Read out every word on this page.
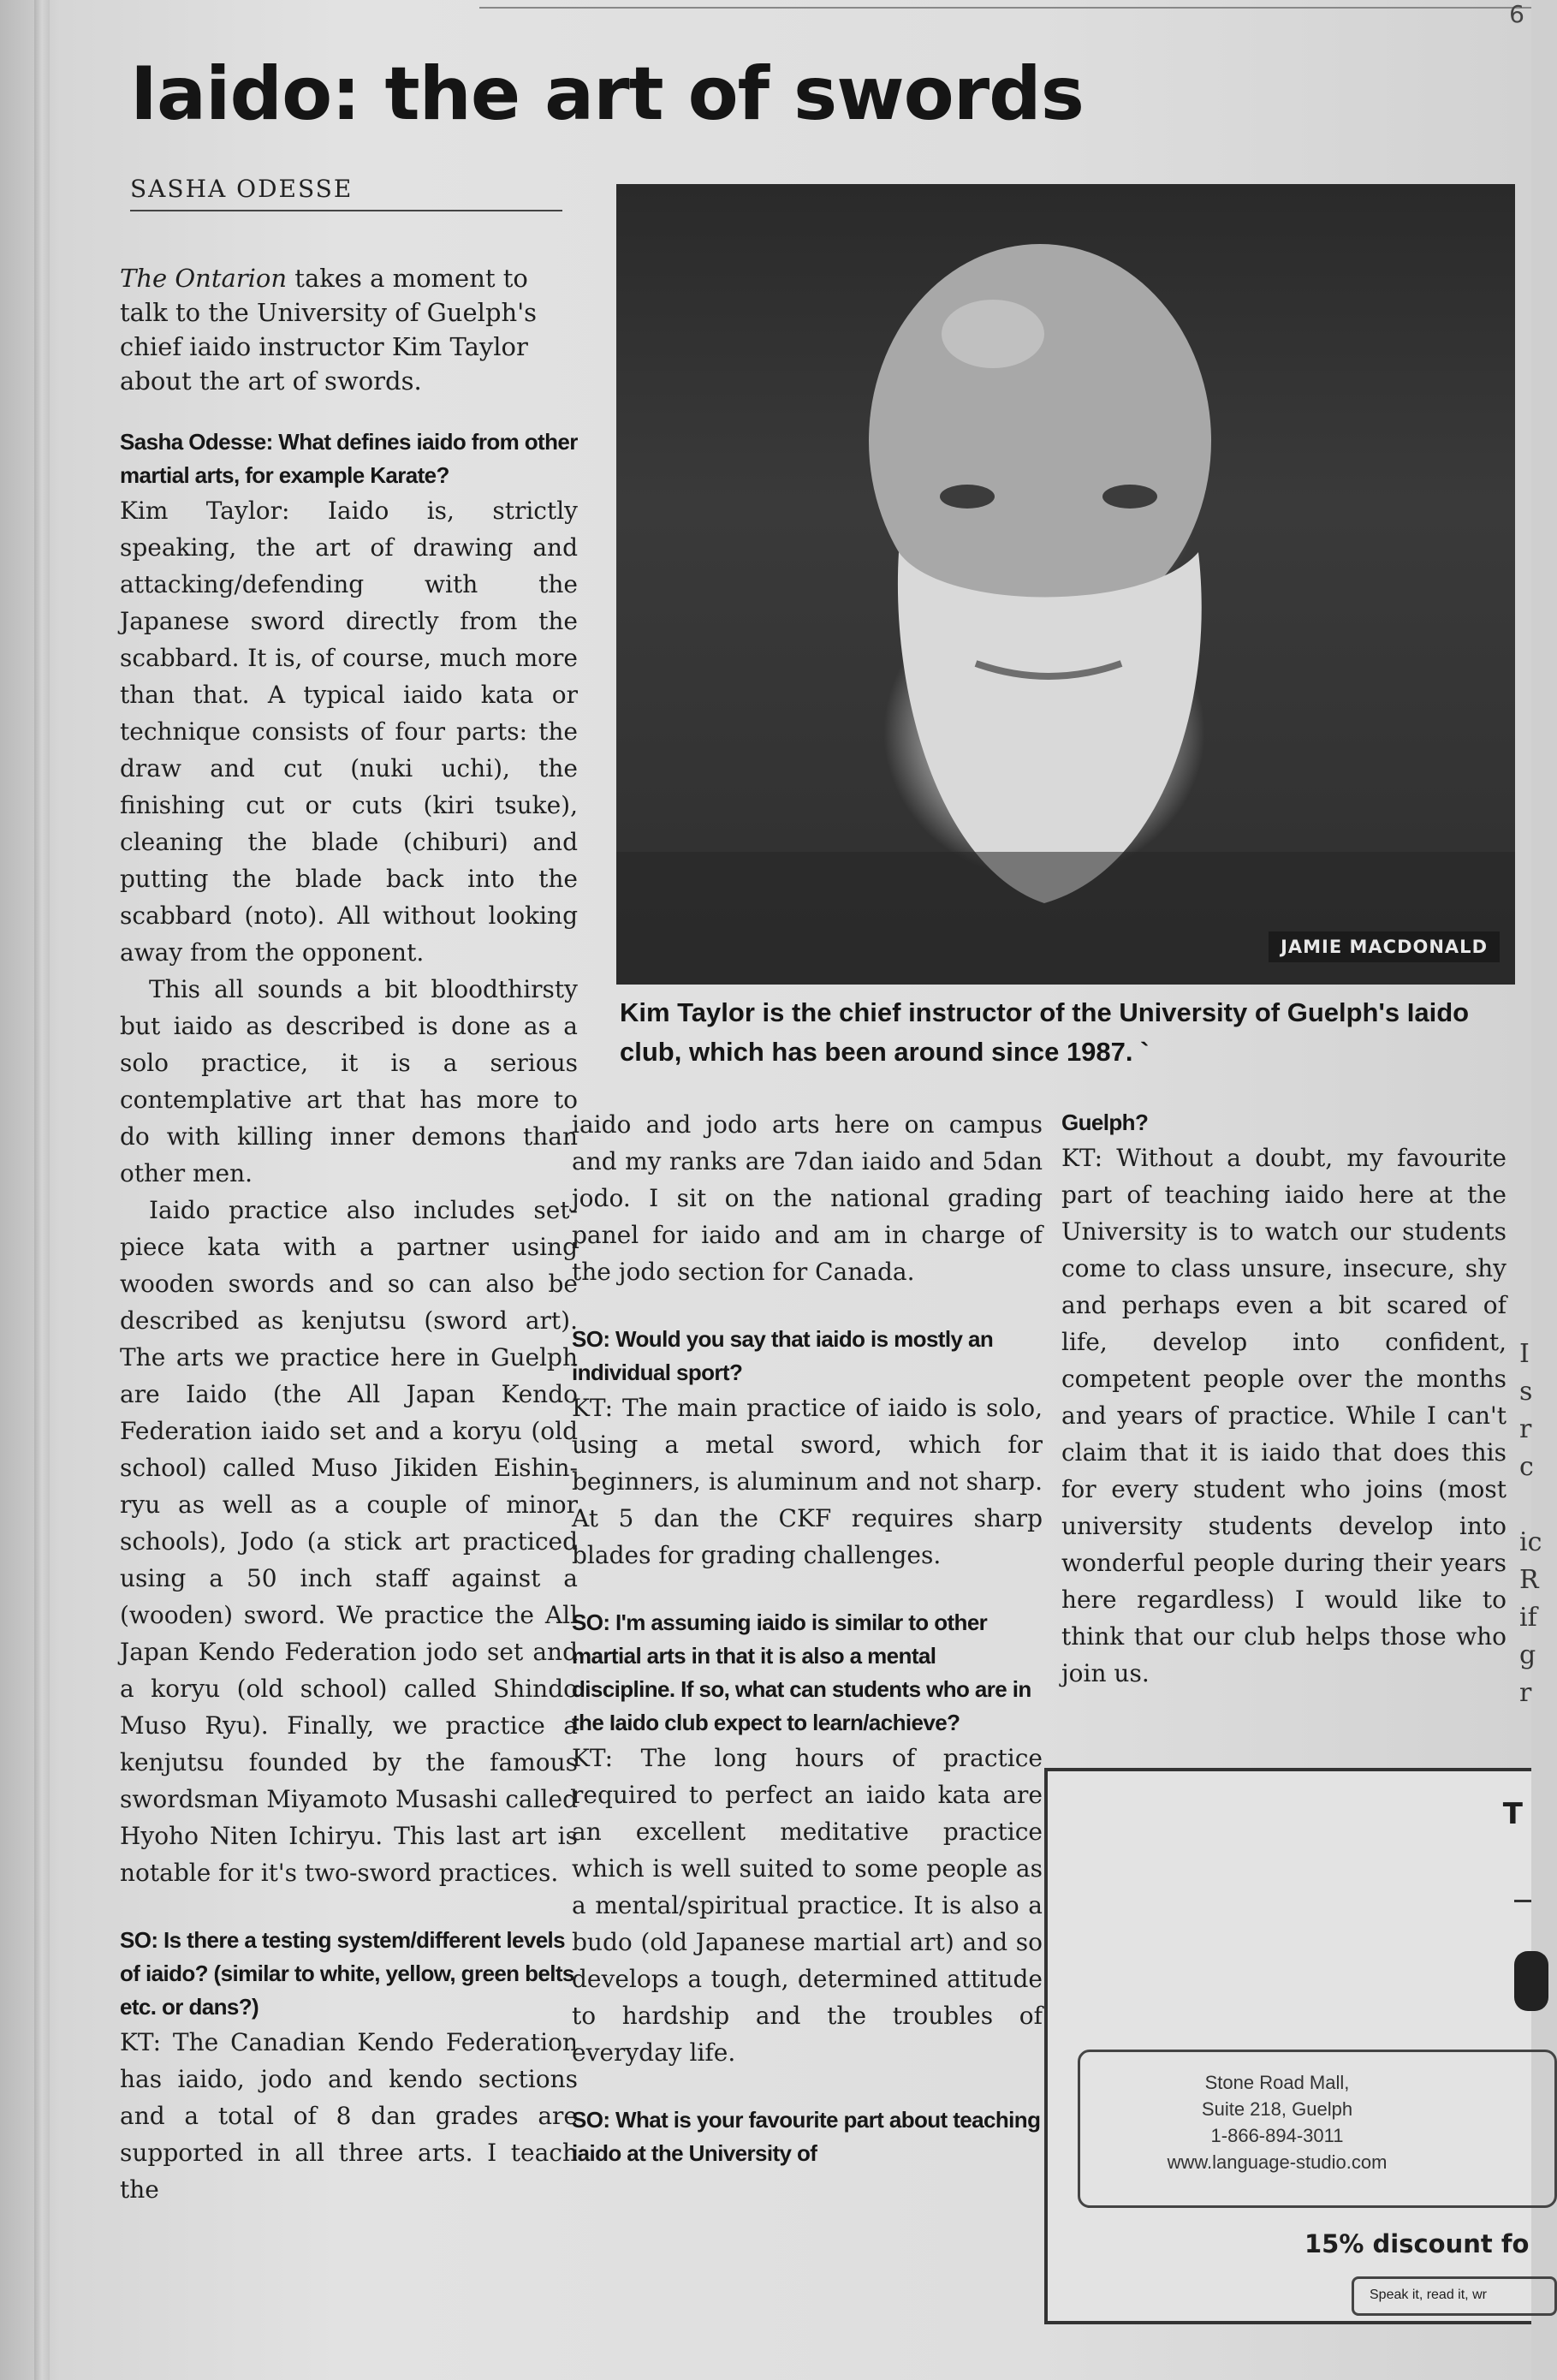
6
Iaido: the art of swords
SASHA ODESSE

The Ontarion takes a moment to talk to the University of Guelph's chief iaido instructor Kim Taylor about the art of swords.

Sasha Odesse: What defines iaido from other martial arts, for example Karate?

Kim Taylor: Iaido is, strictly speaking, the art of drawing and attacking/defending with the Japanese sword directly from the scabbard. It is, of course, much more than that. A typical iaido kata or technique consists of four parts: the draw and cut (nuki uchi), the finishing cut or cuts (kiri tsuke), cleaning the blade (chiburi) and putting the blade back into the scabbard (noto). All without looking away from the opponent.

This all sounds a bit bloodthirsty but iaido as described is done as a solo practice, it is a serious contemplative art that has more to do with killing inner demons than other men.

Iaido practice also includes set-piece kata with a partner using wooden swords and so can also be described as kenjutsu (sword art). The arts we practice here in Guelph are Iaido (the All Japan Kendo Federation iaido set and a koryu (old school) called Muso Jikiden Eishin-ryu as well as a couple of minor schools), Jodo (a stick art practiced using a 50 inch staff against a (wooden) sword. We practice the All Japan Kendo Federation jodo set and a koryu (old school) called Shindo Muso Ryu). Finally, we practice a kenjutsu founded by the famous swordsman Miyamoto Musashi called Hyoho Niten Ichiryu. This last art is notable for it's two-sword practices.

SO: Is there a testing system/different levels of iaido? (similar to white, yellow, green belts etc. or dans?)

KT: The Canadian Kendo Federation has iaido, jodo and kendo sections and a total of 8 dan grades are supported in all three arts. I teach the

JAMIE MACDONALD

Kim Taylor is the chief instructor of the University of Guelph's Iaido club, which has been around since 1987. `

iaido and jodo arts here on campus and my ranks are 7dan iaido and 5dan jodo. I sit on the national grading panel for iaido and am in charge of the jodo section for Canada.

SO: Would you say that iaido is mostly an individual sport?

KT: The main practice of iaido is solo, using a metal sword, which for beginners, is aluminum and not sharp. At 5 dan the CKF requires sharp blades for grading challenges.

SO: I'm assuming iaido is similar to other martial arts in that it is also a mental discipline. If so, what can students who are in the Iaido club expect to learn/achieve?

KT: The long hours of practice required to perfect an iaido kata are an excellent meditative practice which is well suited to some people as a mental/spiritual practice. It is also a budo (old Japanese martial art) and so develops a tough, determined attitude to hardship and the troubles of everyday life.

SO: What is your favourite part about teaching iaido at the University of

Guelph?

KT: Without a doubt, my favourite part of teaching iaido here at the University is to watch our students come to class unsure, insecure, shy and perhaps even a bit scared of life, develop into confident, competent people over the months and years of practice. While I can't claim that it is iaido that does this for every student who joins (most university students develop into wonderful people during their years here regardless) I would like to think that our club helps those who join us.

I
s
r
c

ic
R
if
g
r
T

Stone Road Mall,
Suite 218, Guelph
1-866-894-3011
www.language-studio.com

15% discount fo
Speak it, read it, wr
